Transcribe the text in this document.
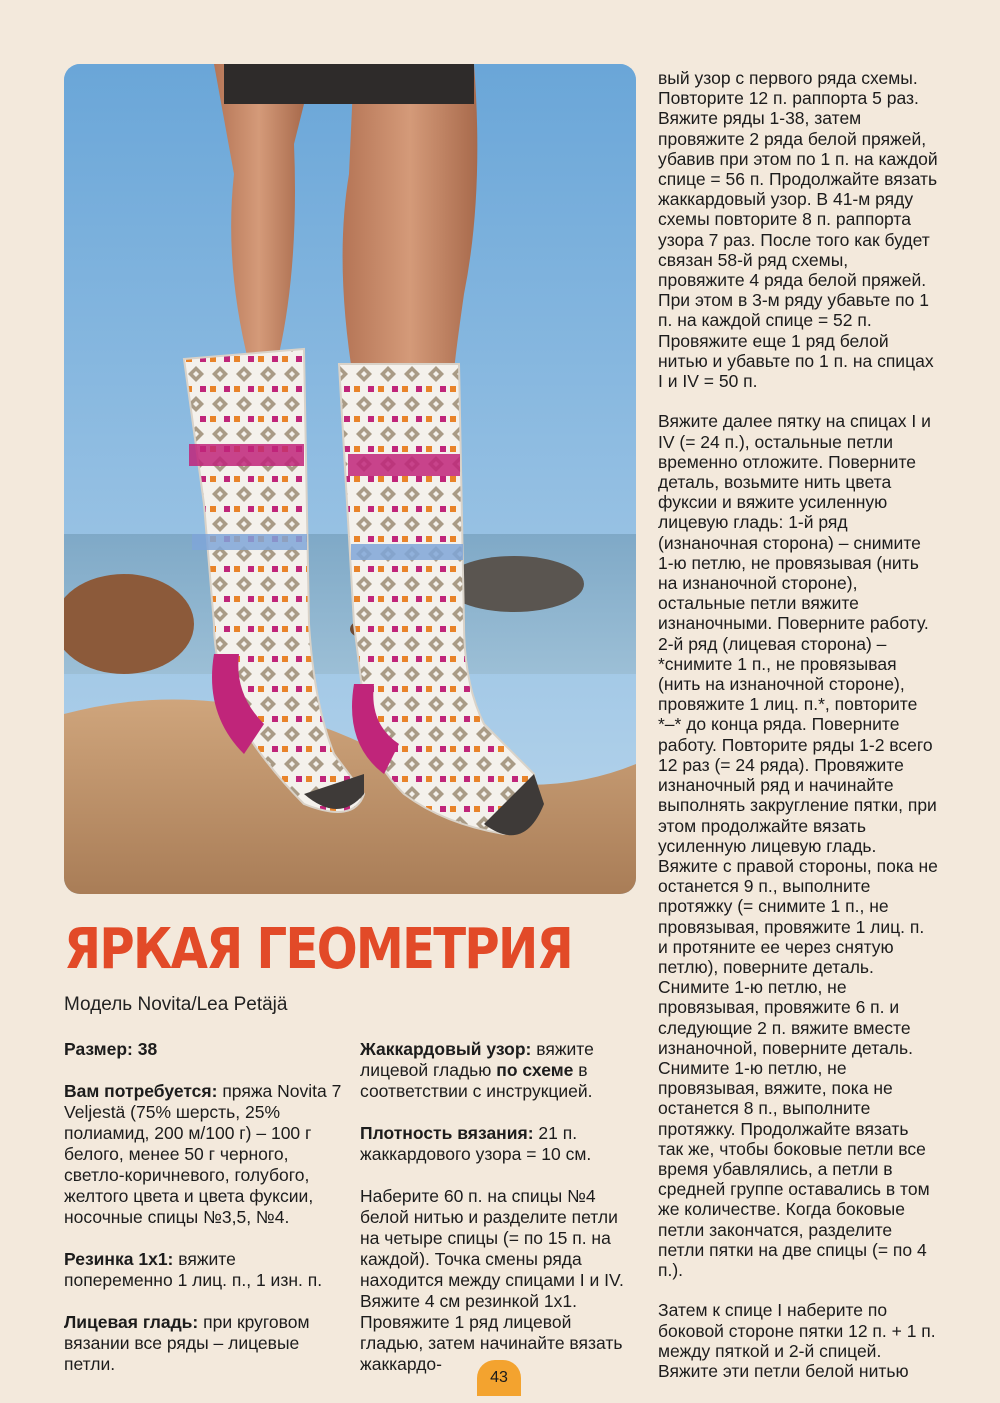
ЯРКАЯ ГЕОМЕТРИЯ

Модель Novita/Lea Petäjä

Размер: 38

Вам потребуется: пряжа Novita 7 Veljestä (75% шерсть, 25% полиамид, 200 м/100 г) – 100 г белого, менее 50 г черного, светло-коричневого, голубого, желтого цвета и цвета фуксии, носочные спицы №3,5, №4.

Резинка 1х1: вяжите попеременно 1 лиц. п., 1 изн. п.

Лицевая гладь: при круговом вязании все ряды – лицевые петли.

Жаккардовый узор: вяжите лицевой гладью по схеме в соответствии с инструкцией.

Плотность вязания: 21 п. жаккардового узора = 10 см.

Наберите 60 п. на спицы №4 белой нитью и разделите петли на четыре спицы (= по 15 п. на каждой). Точка смены ряда находится между спицами I и IV. Вяжите 4 см резинкой 1х1. Провяжите 1 ряд лицевой гладью, затем начинайте вязать жаккардо-

вый узор с первого ряда схемы. Повторите 12 п. раппорта 5 раз. Вяжите ряды 1-38, затем провяжите 2 ряда белой пряжей, убавив при этом по 1 п. на каждой спице = 56 п. Продолжайте вязать жаккардовый узор. В 41-м ряду схемы повторите 8 п. раппорта узора 7 раз. После того как будет связан 58-й ряд схемы, провяжите 4 ряда белой пряжей. При этом в 3-м ряду убавьте по 1 п. на каждой спице = 52 п. Провяжите еще 1 ряд белой нитью и убавьте по 1 п. на спицах I и IV = 50 п.

Вяжите далее пятку на спицах I и IV (= 24 п.), остальные петли временно отложите. Поверните деталь, возьмите нить цвета фуксии и вяжите усиленную лицевую гладь: 1-й ряд (изнаночная сторона) – снимите 1-ю петлю, не провязывая (нить на изнаночной стороне), остальные петли вяжите изнаночными. Поверните работу. 2-й ряд (лицевая сторона) – *снимите 1 п., не провязывая (нить на изнаночной стороне), провяжите 1 лиц. п.*, повторите *–* до конца ряда. Поверните работу. Повторите ряды 1-2 всего 12 раз (= 24 ряда). Провяжите изнаночный ряд и начинайте выполнять закругление пятки, при этом продолжайте вязать усиленную лицевую гладь. Вяжите с правой стороны, пока не останется 9 п., выполните протяжку (= снимите 1 п., не провязывая, провяжите 1 лиц. п. и протяните ее через снятую петлю), поверните деталь. Снимите 1-ю петлю, не провязывая, провяжите 6 п. и следующие 2 п. вяжите вместе изнаночной, поверните деталь. Снимите 1-ю петлю, не провязывая, вяжите, пока не останется 8 п., выполните протяжку. Продолжайте вязать так же, чтобы боковые петли все время убавлялись, а петли в средней группе оставались в том же количестве. Когда боковые петли закончатся, разделите петли пятки на две спицы (= по 4 п.).

Затем к спице I наберите по боковой стороне пятки 12 п. + 1 п. между пяткой и 2-й спицей. Вяжите эти петли белой нитью

43
